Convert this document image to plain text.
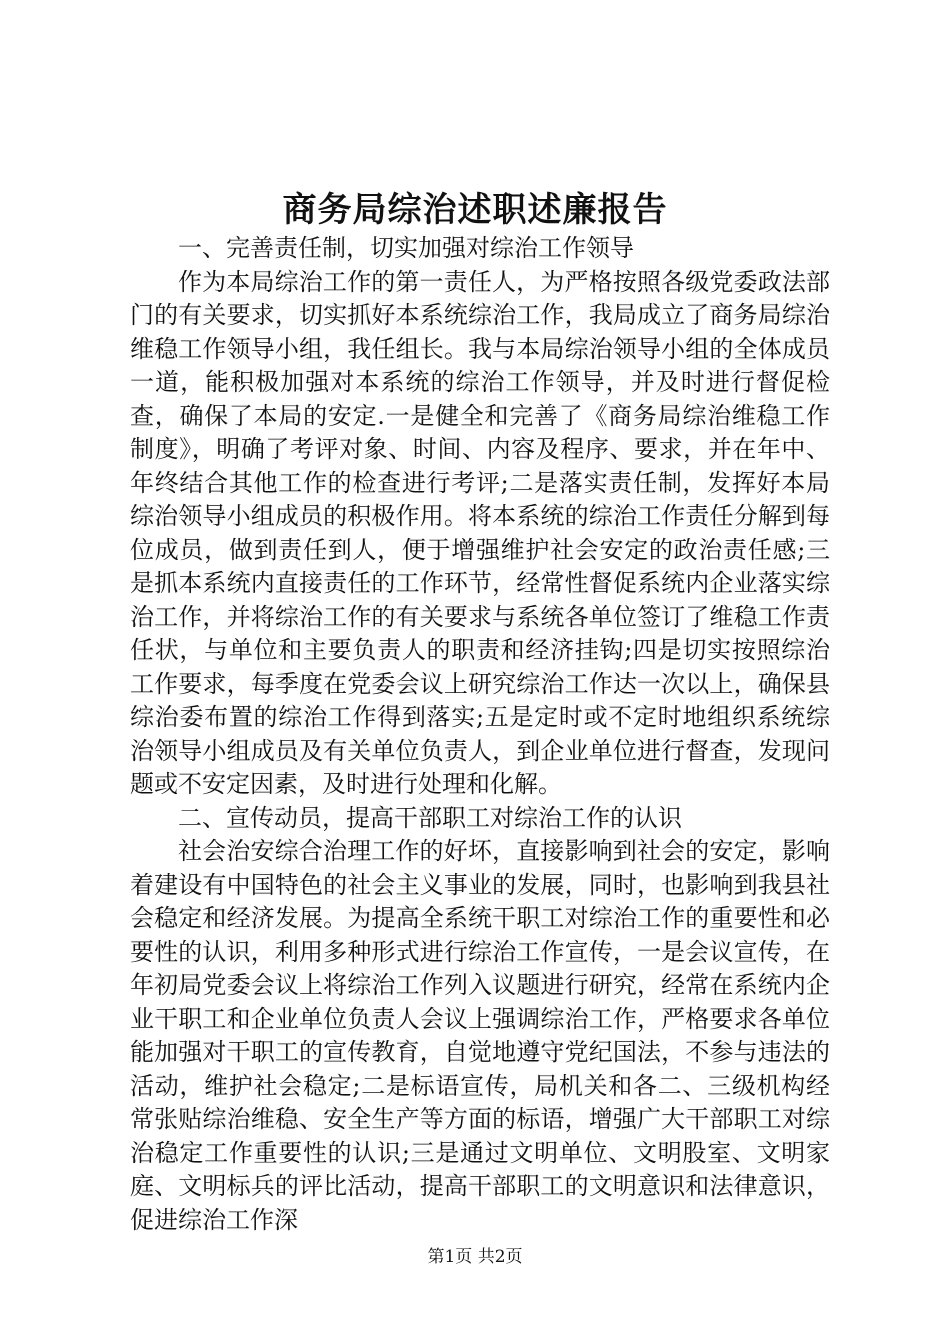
商务局综治述职述廉报告

一、完善责任制，切实加强对综治工作领导

作为本局综治工作的第一责任人，为严格按照各级党委政法部门的有关要求，切实抓好本系统综治工作，我局成立了商务局综治维稳工作领导小组，我任组长。我与本局综治领导小组的全体成员一道，能积极加强对本系统的综治工作领导，并及时进行督促检查，确保了本局的安定.一是健全和完善了《商务局综治维稳工作制度》，明确了考评对象、时间、内容及程序、要求，并在年中、年终结合其他工作的检查进行考评;二是落实责任制，发挥好本局综治领导小组成员的积极作用。将本系统的综治工作责任分解到每位成员，做到责任到人，便于增强维护社会安定的政治责任感;三是抓本系统内直接责任的工作环节，经常性督促系统内企业落实综治工作，并将综治工作的有关要求与系统各单位签订了维稳工作责任状，与单位和主要负责人的职责和经济挂钩;四是切实按照综治工作要求，每季度在党委会议上研究综治工作达一次以上，确保县综治委布置的综治工作得到落实;五是定时或不定时地组织系统综治领导小组成员及有关单位负责人，到企业单位进行督查，发现问题或不安定因素，及时进行处理和化解。

二、宣传动员，提高干部职工对综治工作的认识

社会治安综合治理工作的好坏，直接影响到社会的安定，影响着建设有中国特色的社会主义事业的发展，同时，也影响到我县社会稳定和经济发展。为提高全系统干职工对综治工作的重要性和必要性的认识，利用多种形式进行综治工作宣传，一是会议宣传，在年初局党委会议上将综治工作列入议题进行研究，经常在系统内企业干职工和企业单位负责人会议上强调综治工作，严格要求各单位能加强对干职工的宣传教育，自觉地遵守党纪国法，不参与违法的活动，维护社会稳定;二是标语宣传，局机关和各二、三级机构经常张贴综治维稳、安全生产等方面的标语，增强广大干部职工对综治稳定工作重要性的认识;三是通过文明单位、文明股室、文明家庭、文明标兵的评比活动，提高干部职工的文明意识和法律意识，促进综治工作深

第1页 共2页
